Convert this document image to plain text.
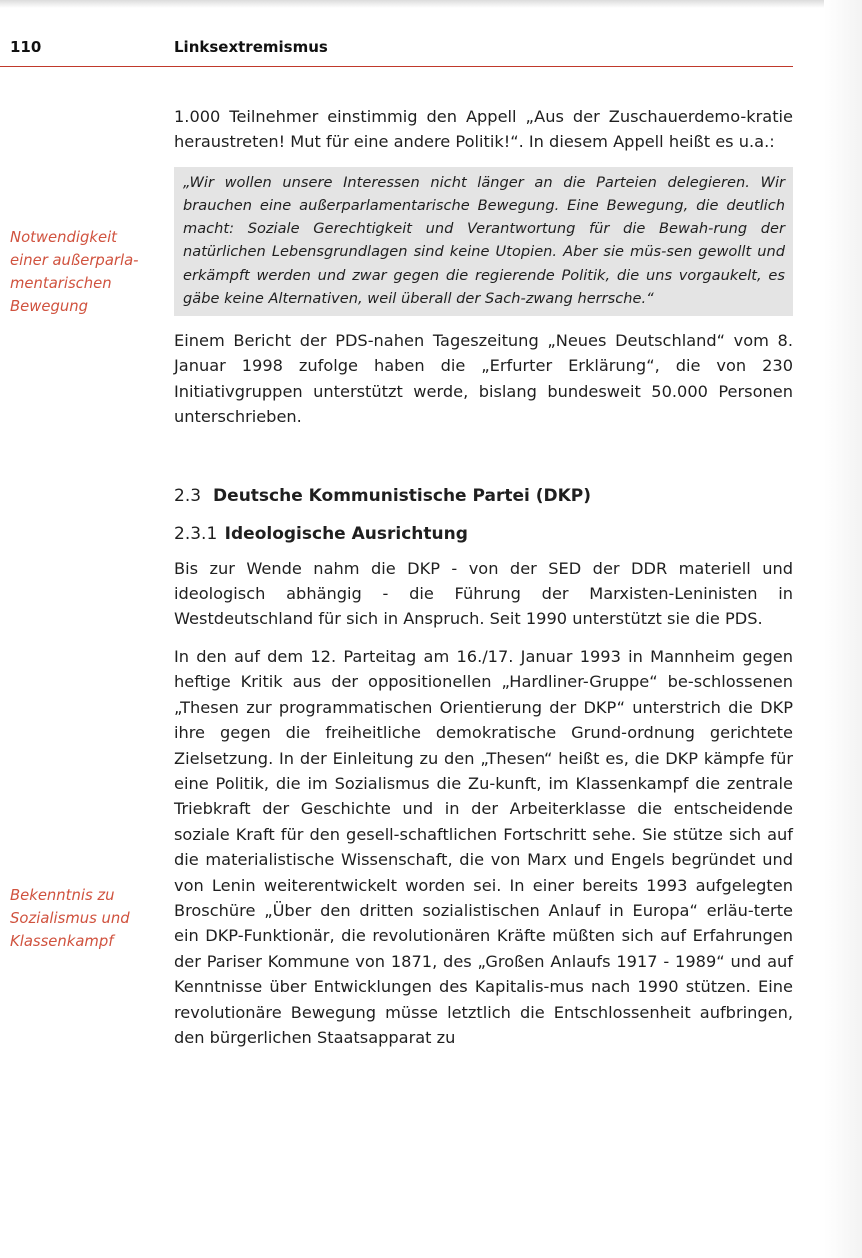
110	Linksextremismus

Notwendigkeit einer außerparla-mentarischen Bewegung

Bekenntnis zu Sozialismus und Klassenkampf

1.000 Teilnehmer einstimmig den Appell „Aus der Zuschauerdemo-kratie heraustreten! Mut für eine andere Politik!“. In diesem Appell heißt es u.a.:

„Wir wollen unsere Interessen nicht länger an die Parteien delegieren. Wir brauchen eine außerparlamentarische Bewegung. Eine Bewegung, die deutlich macht: Soziale Gerechtigkeit und Verantwortung für die Bewah-rung der natürlichen Lebensgrundlagen sind keine Utopien. Aber sie müs-sen gewollt und erkämpft werden und zwar gegen die regierende Politik, die uns vorgaukelt, es gäbe keine Alternativen, weil überall der Sach-zwang herrsche.“

Einem Bericht der PDS-nahen Tageszeitung „Neues Deutschland“ vom 8. Januar 1998 zufolge haben die „Erfurter Erklärung“, die von 230 Initiativgruppen unterstützt werde, bislang bundesweit 50.000 Personen unterschrieben.

2.3 Deutsche Kommunistische Partei (DKP)
2.3.1 Ideologische Ausrichtung

Bis zur Wende nahm die DKP - von der SED der DDR materiell und ideologisch abhängig - die Führung der Marxisten-Leninisten in Westdeutschland für sich in Anspruch. Seit 1990 unterstützt sie die PDS.

In den auf dem 12. Parteitag am 16./17. Januar 1993 in Mannheim gegen heftige Kritik aus der oppositionellen „Hardliner-Gruppe“ be-schlossenen „Thesen zur programmatischen Orientierung der DKP“ unterstrich die DKP ihre gegen die freiheitliche demokratische Grund-ordnung gerichtete Zielsetzung. In der Einleitung zu den „Thesen“ heißt es, die DKP kämpfe für eine Politik, die im Sozialismus die Zu-kunft, im Klassenkampf die zentrale Triebkraft der Geschichte und in der Arbeiterklasse die entscheidende soziale Kraft für den gesell-schaftlichen Fortschritt sehe. Sie stütze sich auf die materialistische Wissenschaft, die von Marx und Engels begründet und von Lenin weiterentwickelt worden sei. In einer bereits 1993 aufgelegten Broschüre „Über den dritten sozialistischen Anlauf in Europa“ erläu-terte ein DKP-Funktionär, die revolutionären Kräfte müßten sich auf Erfahrungen der Pariser Kommune von 1871, des „Großen Anlaufs 1917 - 1989“ und auf Kenntnisse über Entwicklungen des Kapitalis-mus nach 1990 stützen. Eine revolutionäre Bewegung müsse letztlich die Entschlossenheit aufbringen, den bürgerlichen Staatsapparat zu
